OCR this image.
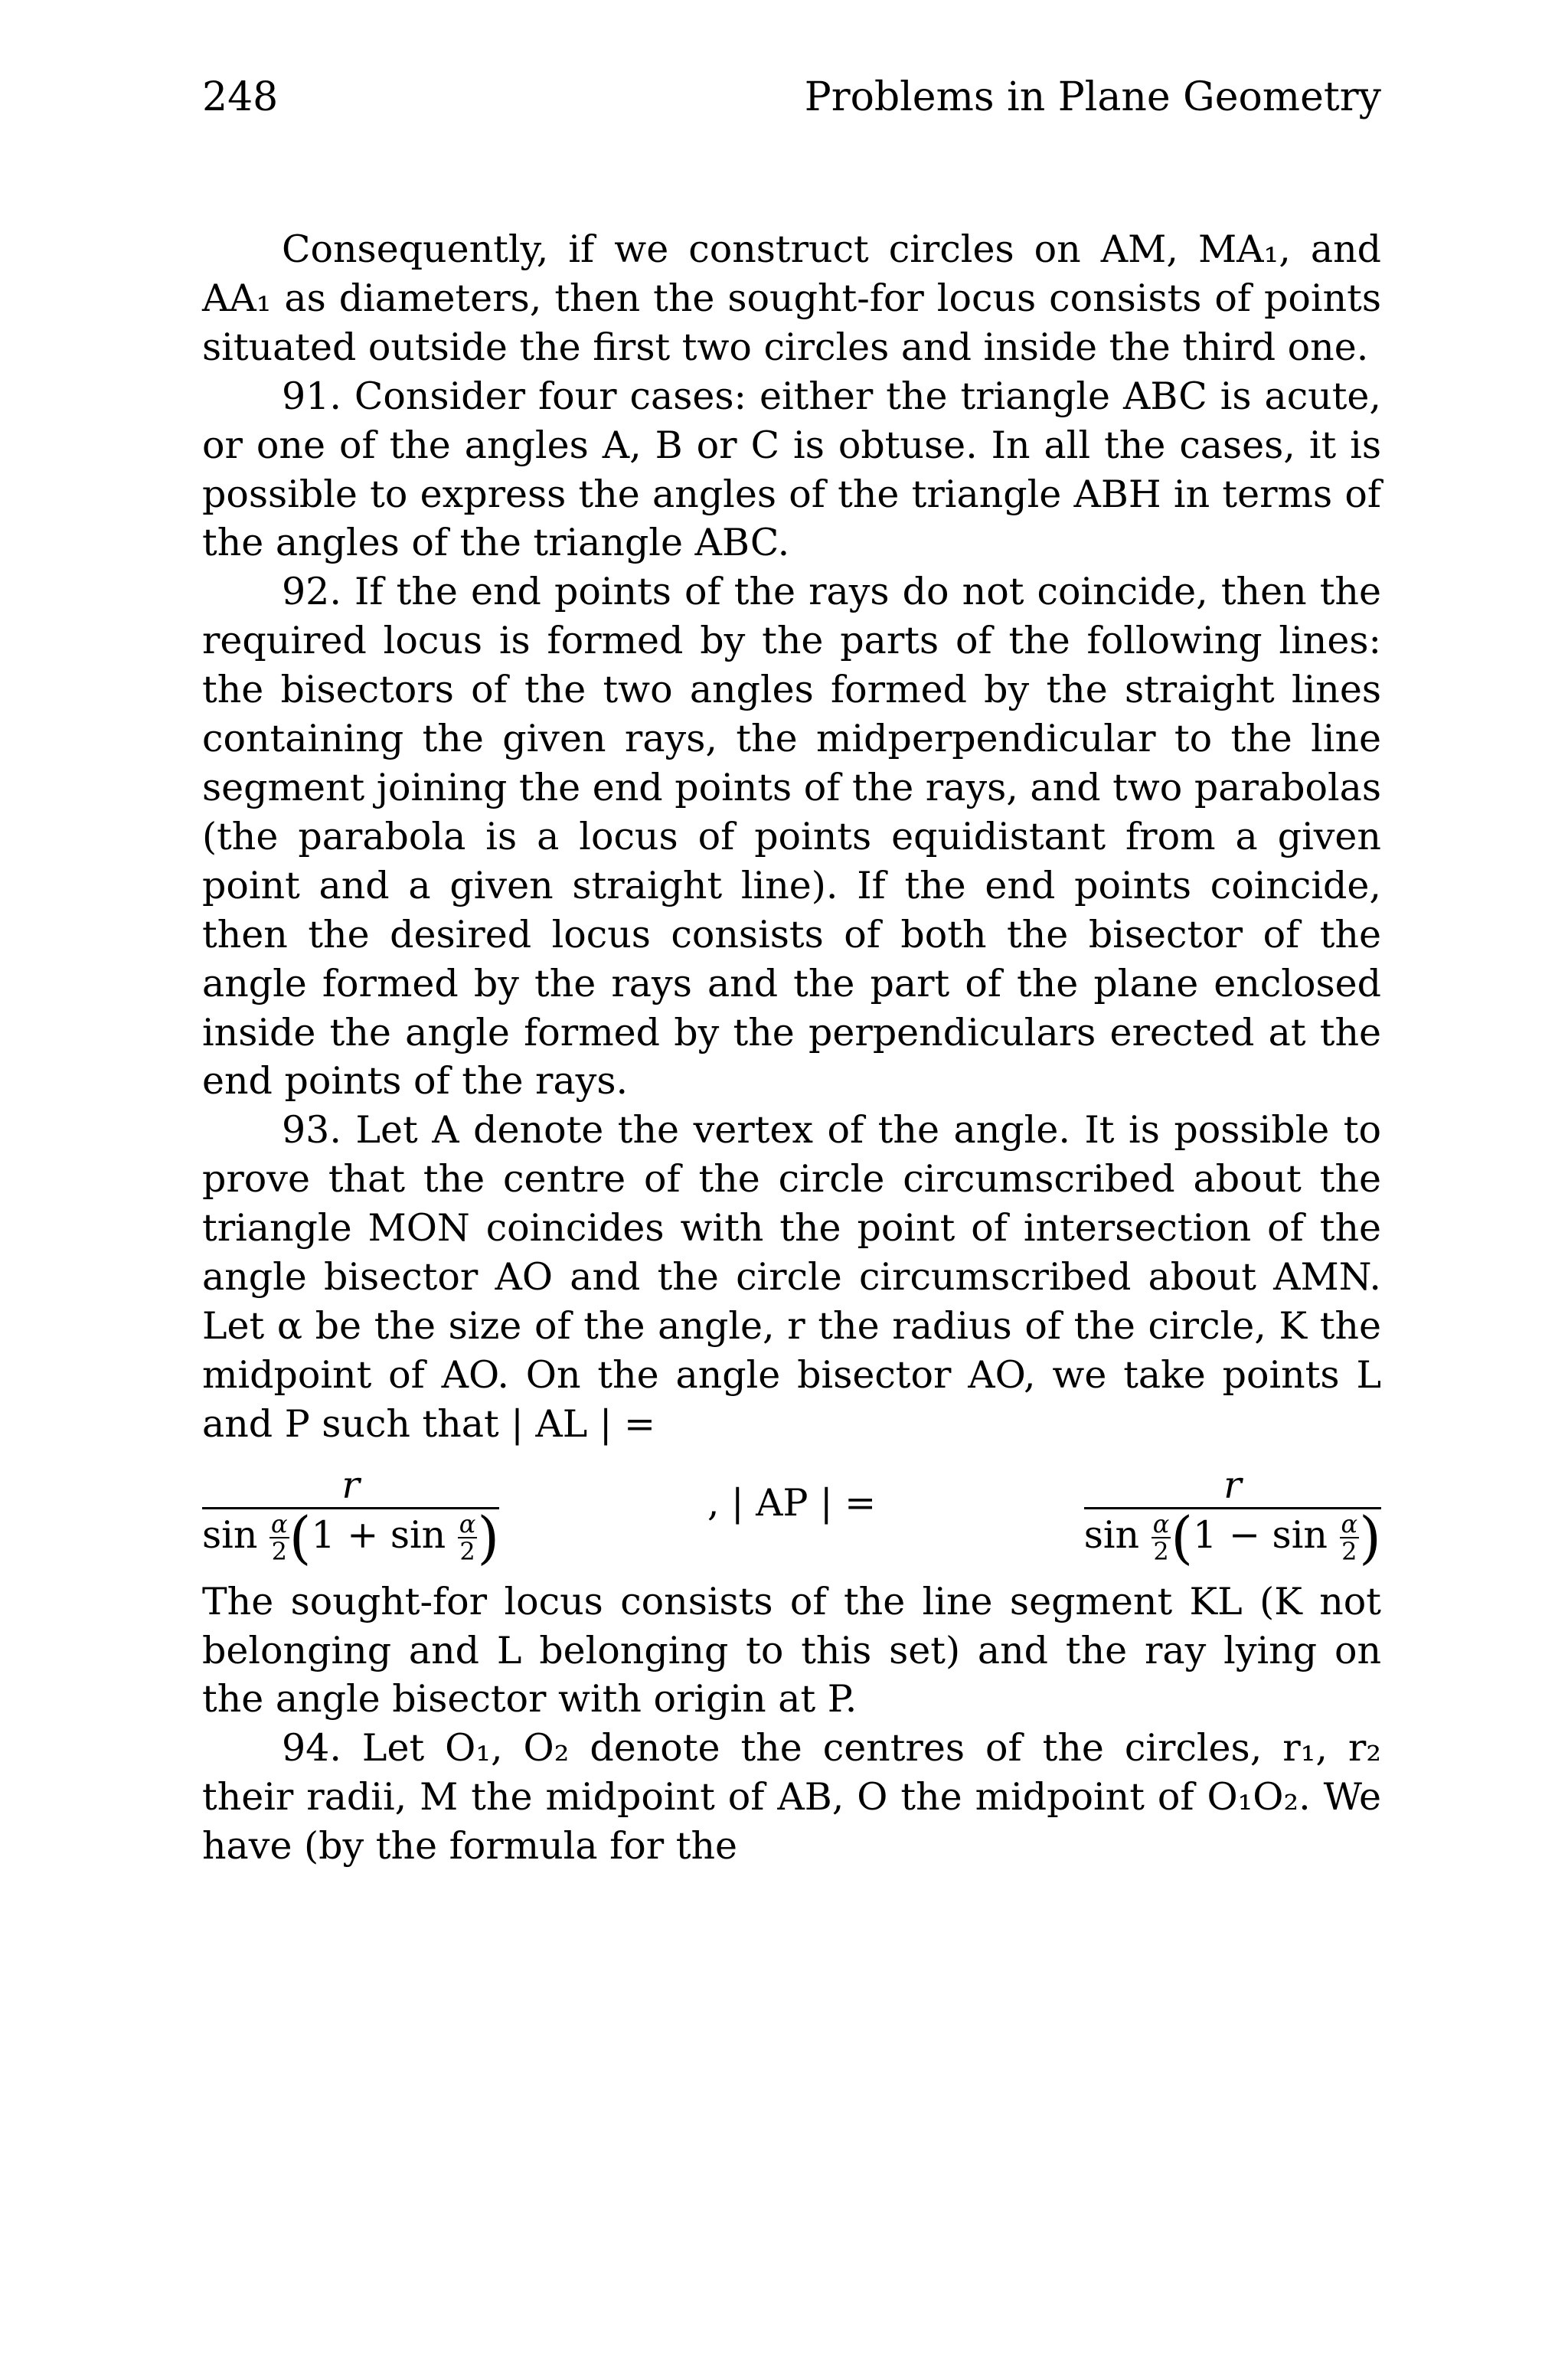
248	Problems in Plane Geometry

Consequently, if we construct circles on AM, MA₁, and AA₁ as diameters, then the sought-for locus consists of points situated outside the first two circles and inside the third one.

91. Consider four cases: either the triangle ABC is acute, or one of the angles A, B or C is obtuse. In all the cases, it is possible to express the angles of the triangle ABH in terms of the angles of the triangle ABC.

92. If the end points of the rays do not coincide, then the required locus is formed by the parts of the following lines: the bisectors of the two angles formed by the straight lines containing the given rays, the midperpendicular to the line segment joining the end points of the rays, and two parabolas (the parabola is a locus of points equidistant from a given point and a given straight line). If the end points coincide, then the desired locus consists of both the bisector of the angle formed by the rays and the part of the plane enclosed inside the angle formed by the perpendiculars erected at the end points of the rays.

93. Let A denote the vertex of the angle. It is possible to prove that the centre of the circle circumscribed about the triangle MON coincides with the point of intersection of the angle bisector AO and the circle circumscribed about AMN. Let α be the size of the angle, r the radius of the circle, K the midpoint of AO. On the angle bisector AO, we take points L and P such that | AL | =

$\frac{r}{\sin \frac{\alpha}{2} (1 + \sin \frac{\alpha}{2} )}$	, | AP | =	$\frac{r}{\sin \frac{\alpha}{2} (1 - \sin \frac{\alpha}{2} )}$

The sought-for locus consists of the line segment KL (K not belonging and L belonging to this set) and the ray lying on the angle bisector with origin at P.

94. Let O₁, O₂ denote the centres of the circles, r₁, r₂ their radii, M the midpoint of AB, O the midpoint of O₁O₂. We have (by the formula for the
